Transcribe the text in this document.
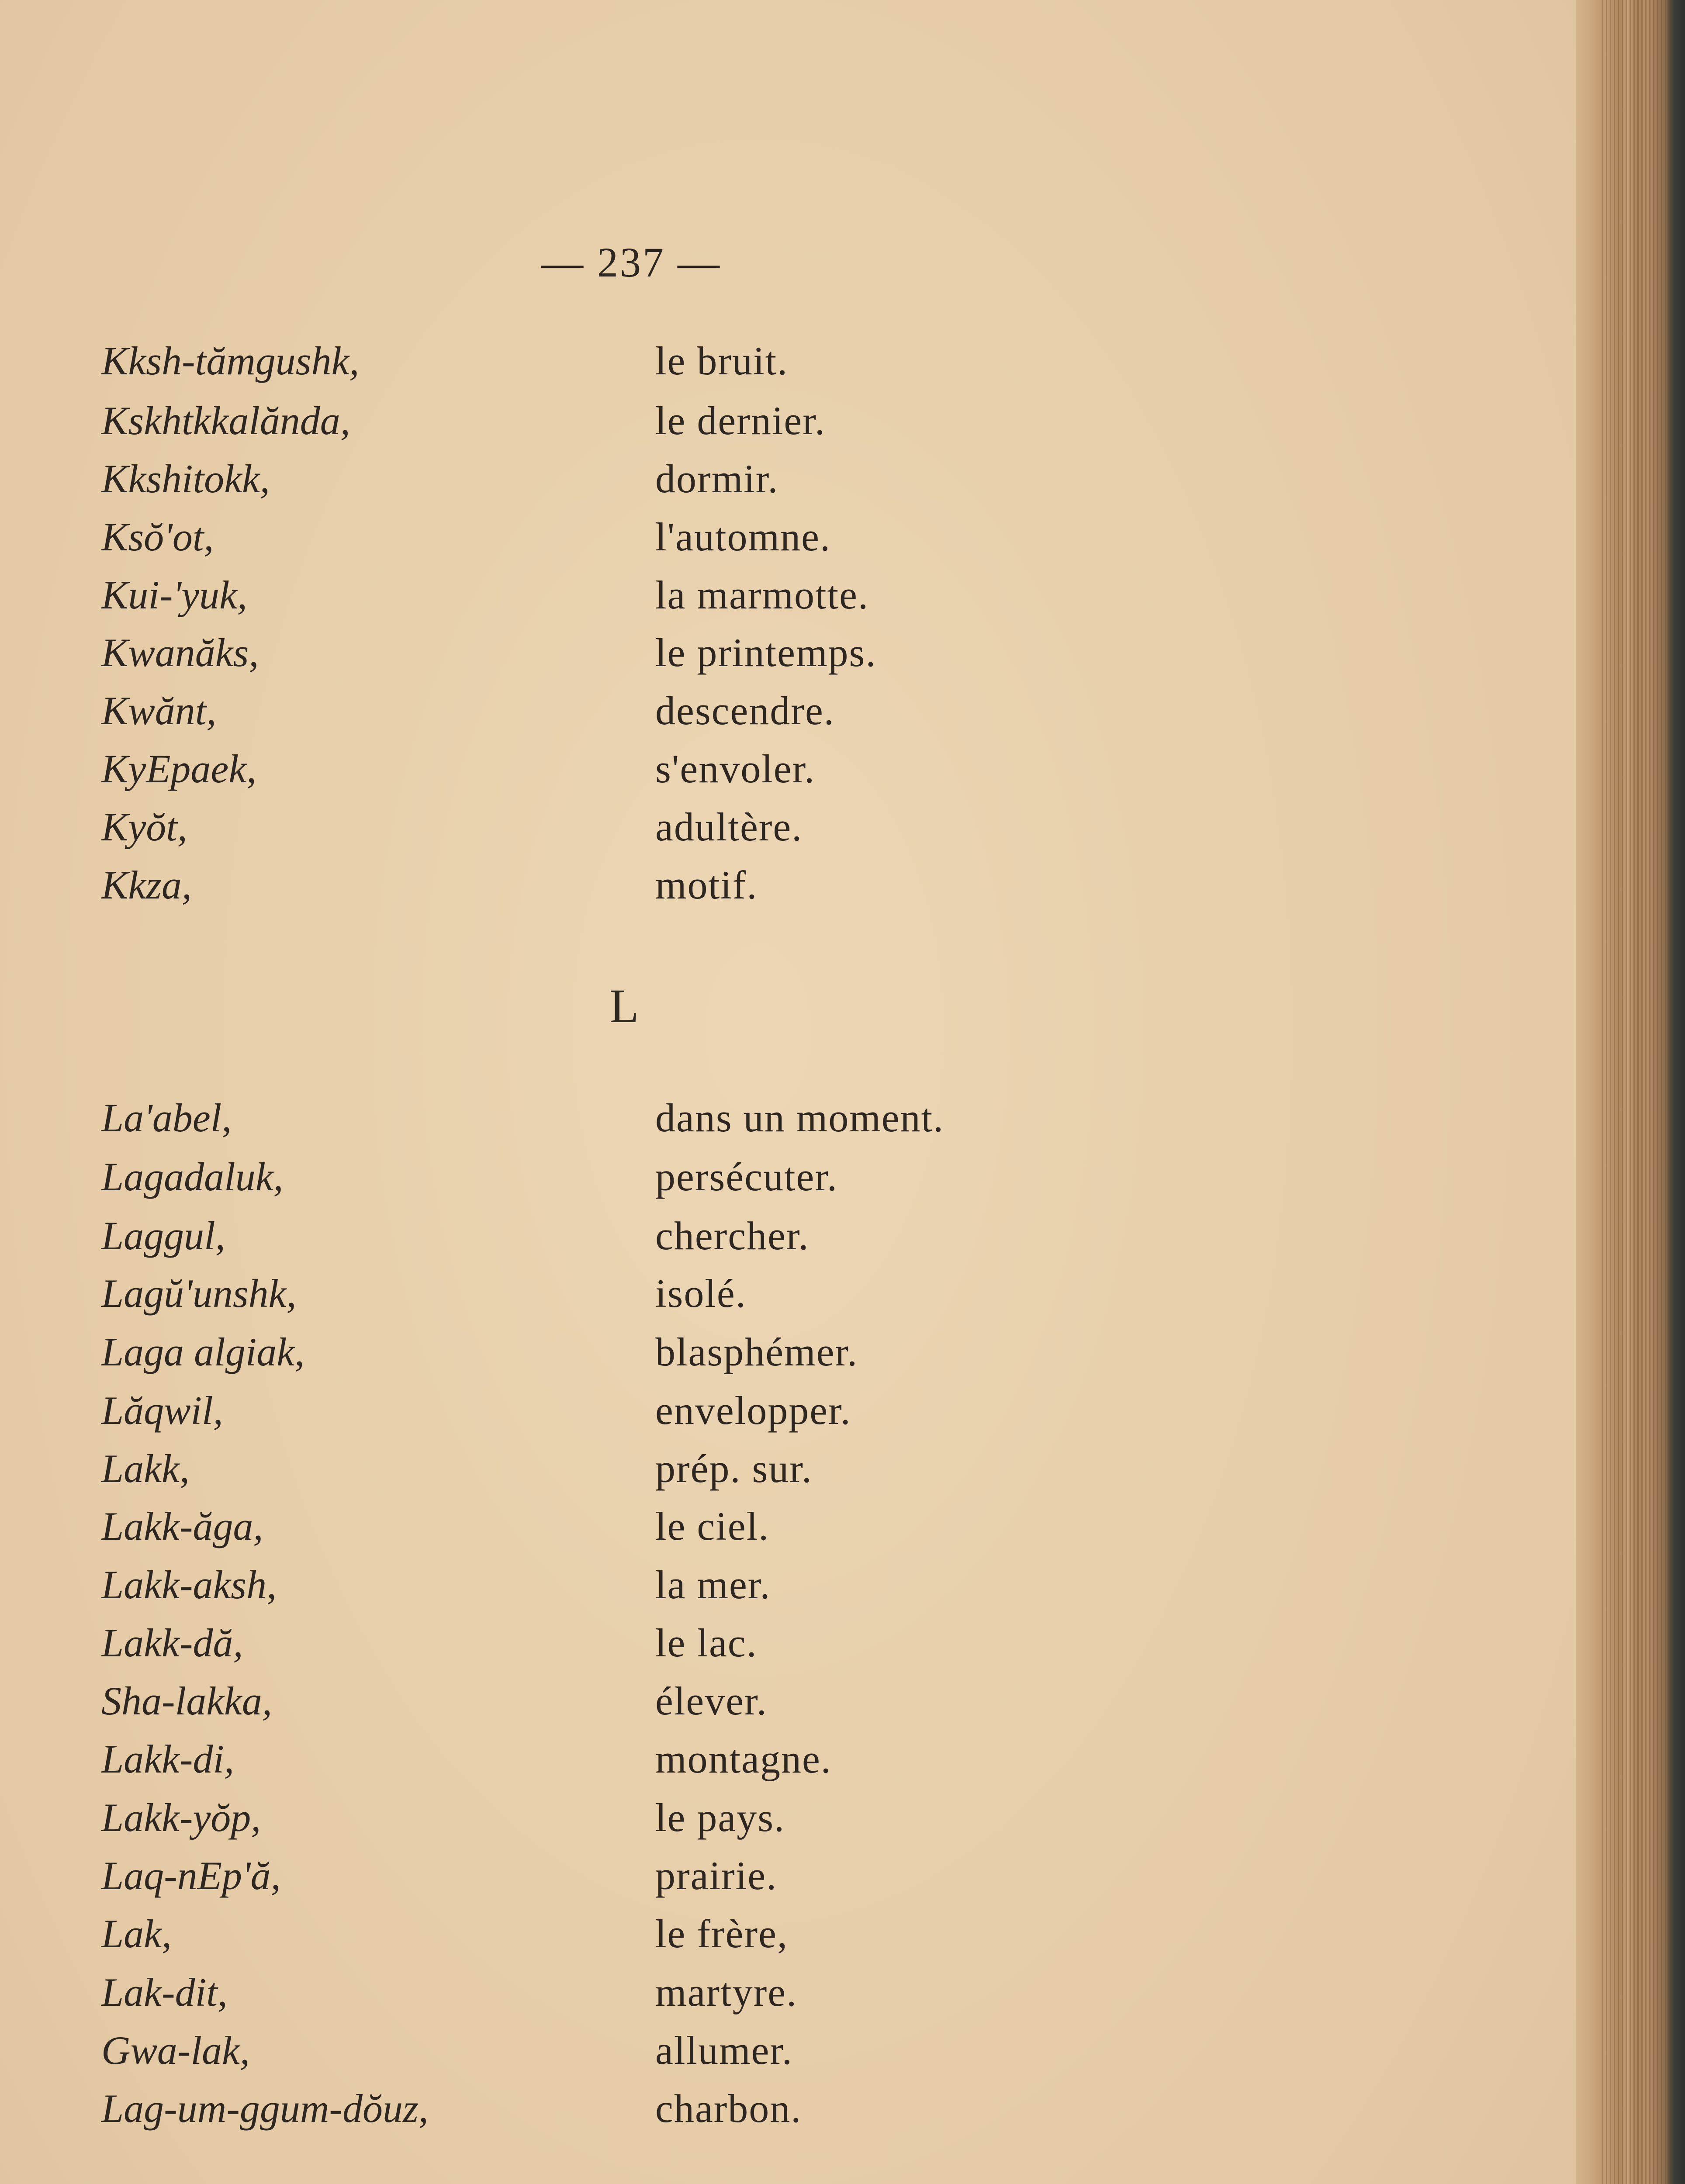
— 237 —
Kksh-tămgushk,	le bruit.
Kskhtkkalănda,	le dernier.
Kkshitokk,	dormir.
Ksŏ'ot,	l'automne.
Kui-'yuk,	la marmotte.
Kwanăks,	le printemps.
Kwănt,	descendre.
KyEpaek,	s'envoler.
Kyŏt,	adultère.
Kkza,	motif.
L
La'abel,	dans un moment.
Lagadaluk,	persécuter.
Laggul,	chercher.
Lagŭ'unshk,	isolé.
Laga algiak,	blasphémer.
Lăqwil,	envelopper.
Lakk,	prép. sur.
Lakk-ăga,	le ciel.
Lakk-aksh,	la mer.
Lakk-dă,	le lac.
Sha-lakka,	élever.
Lakk-di,	montagne.
Lakk-yŏp,	le pays.
Laq-nEp'ă,	prairie.
Lak,	le frère,
Lak-dit,	martyre.
Gwa-lak,	allumer.
Lag-um-ggum-dŏuz,	charbon.
